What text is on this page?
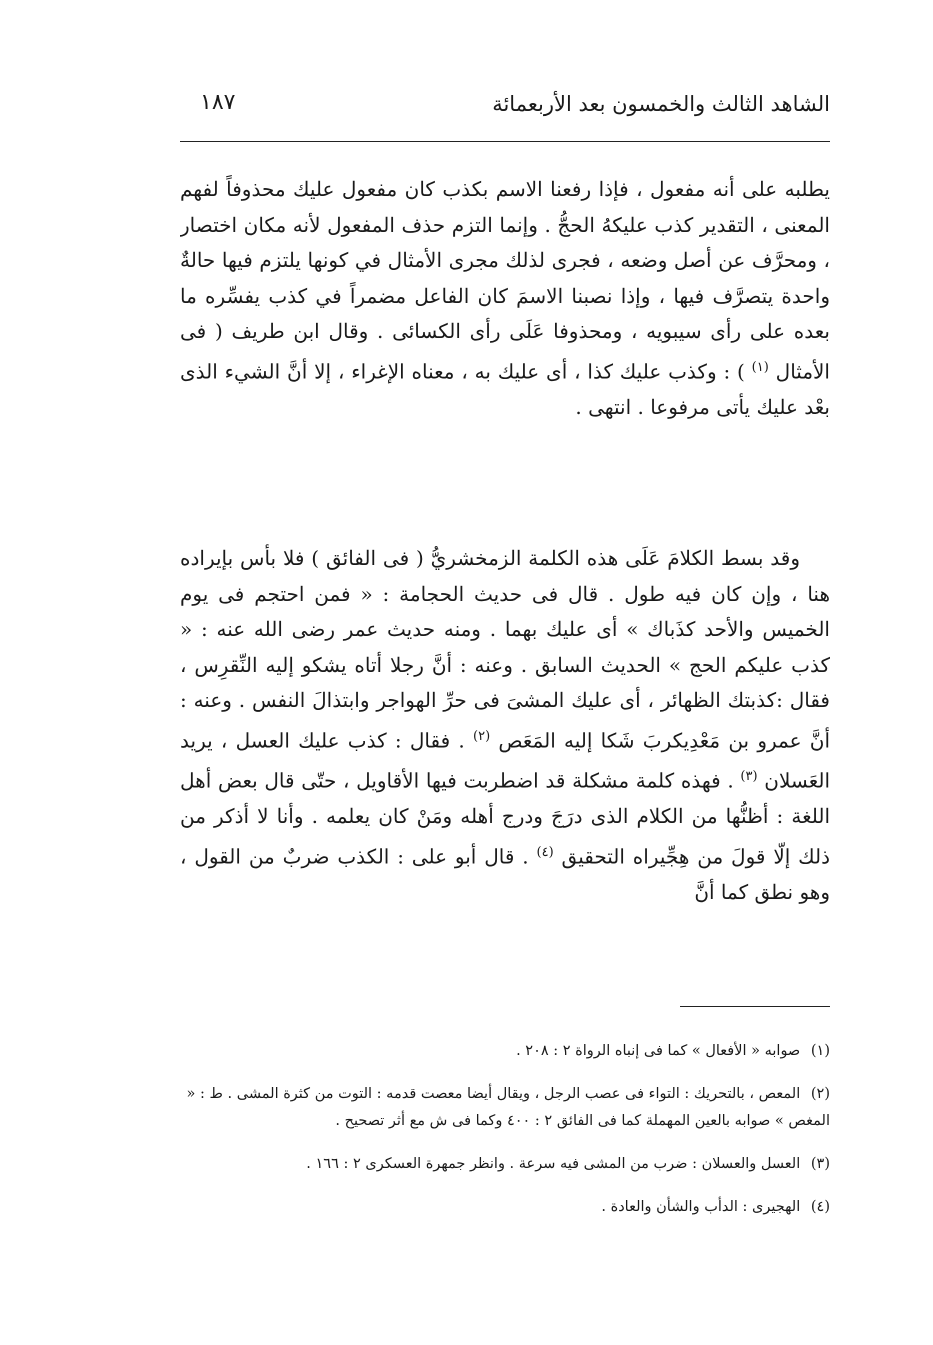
الشاهد الثالث والخمسون بعد الأربعمائة
١٨٧

يطلبه على أنه مفعول ، فإذا رفعنا الاسم بكذب كان مفعول عليك محذوفاً لفهم المعنى ، التقدير كذب عليكهُ الحجُّ . وإنما التزم حذف المفعول لأنه مكان اختصار ، ومحرَّف عن أصل وضعه ، فجرى لذلك مجرى الأمثال في كونها يلتزم فيها حالةٌ واحدة يتصرَّف فيها ، وإذا نصبنا الاسمَ كان الفاعل مضمراً في كذب يفسِّره ما بعده على رأى سيبويه ، ومحذوفا عَلَى رأى الكسائى . وقال ابن طريف ( فى الأمثال $^{(١)}$ ) : وكذب عليك كذا ، أى عليك به ، معناه الإغراء ، إلا أنَّ الشيء الذى بعْد عليك يأتى مرفوعا . انتهى .

وقد بسط الكلامَ عَلَى هذه الكلمة الزمخشريُّ ( فى الفائق ) فلا بأس بإيراده هنا ، وإن كان فيه طول . قال فى حديث الحجامة : « فمن احتجم فى يوم الخميس والأحد كذَباك » أى عليك بهما . ومنه حديث عمر رضى الله عنه : « كذب عليكم الحج » الحديث السابق . وعنه : أنَّ رجلا أتاه يشكو إليه النِّقرِس ، فقال :كذبتك الظهائر ، أى عليك المشىَ فى حرِّ الهواجر وابتذالَ النفس . وعنه : أنَّ عمرو بن مَعْدِيكربَ شَكا إليه المَعَص $^{(٢)}$ . فقال : كذب عليك العسل ، يريد العَسلان $^{(٣)}$ . فهذه كلمة مشكلة قد اضطربت فيها الأقاويل ، حتّى قال بعض أهل اللغة : أظنُّها من الكلام الذى درَجَ ودرج أهله ومَنْ كان يعلمه . وأنا لا أذكر من ذلك إلّا قولَ من هِجِّيراه التحقيق $^{(٤)}$ . قال أبو على : الكذب ضربٌ من القول ، وهو نطق كما أنَّ

(١) صوابه « الأفعال » كما فى إنباه الرواة ٢ : ٢٠٨ .

(٢) المعص ، بالتحريك : التواء فى عصب الرجل ، ويقال أيضا معصت قدمه : التوت من كثرة المشى . ط : « المغص » صوابه بالعين المهملة كما فى الفائق ٢ : ٤٠٠ وكما فى ش مع أثر تصحيح .

(٣) العسل والعسلان : ضرب من المشى فيه سرعة . وانظر جمهرة العسكرى ٢ : ١٦٦ .

(٤) الهجيرى : الدأب والشأن والعادة .
